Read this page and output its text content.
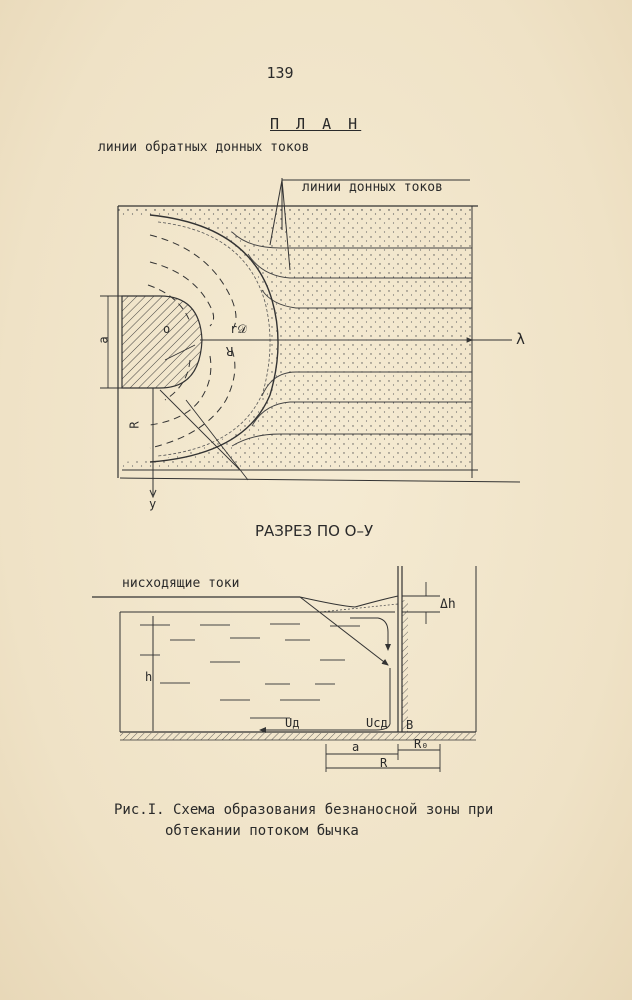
139
П Л А Н
линии обратных донных токов
линии донных токов
λ
у
а
о	r𝒟
R
R
РАЗРЕЗ ПО О–У
нисходящие токи
Δh
h
Uд	Uсд В
а	R₀
R
Рис.I. Схема образования безнаносной зоны при
обтекании потоком бычка
